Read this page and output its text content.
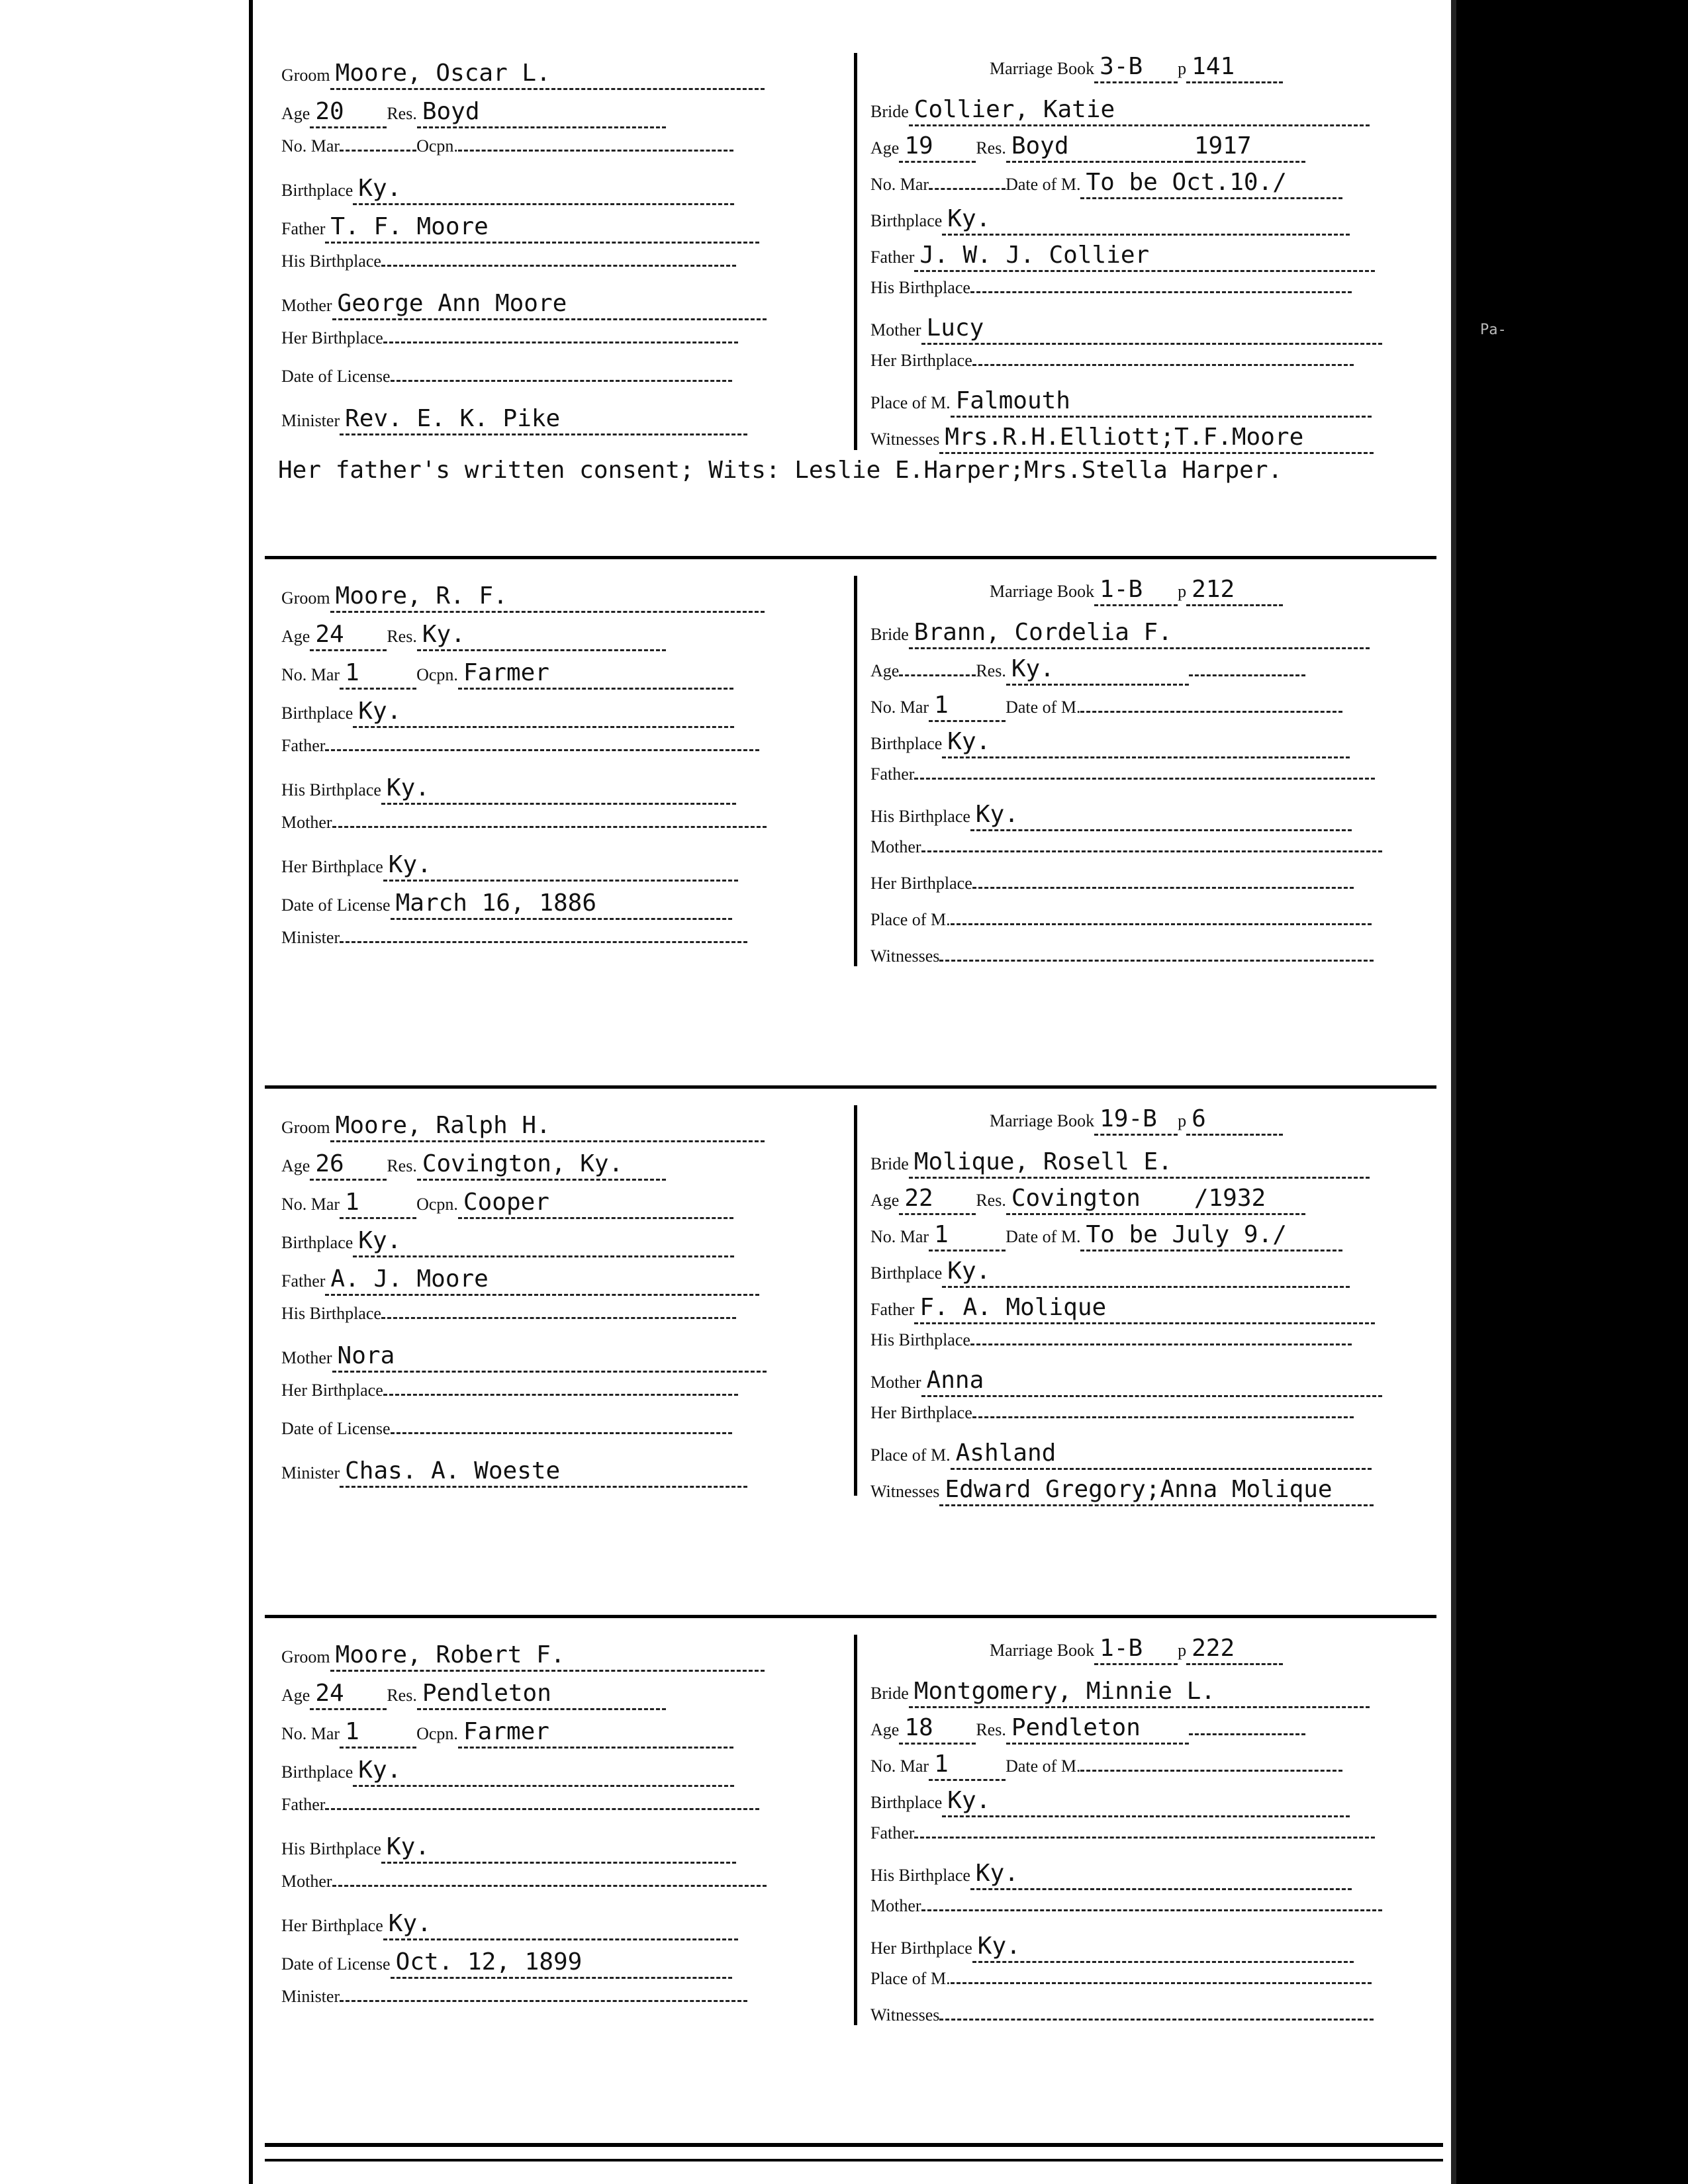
Pa-
Groom Moore, Oscar L.
Age 20 Res. Boyd
No. Mar	Ocpn.
Birthplace Ky.
Father T. F. Moore
His Birthplace
Mother George Ann Moore
Her Birthplace
Date of License
Minister Rev. E. K. Pike
Marriage Book 3-B p 141
Bride Collier, Katie
Age 19 Res. Boyd	1917
No. Mar	Date of M. To be Oct.10./
Birthplace Ky.
Father J. W. J. Collier
His Birthplace
Mother Lucy
Her Birthplace
Place of M. Falmouth
Witnesses Mrs.R.H.Elliott;T.F.Moore
Her father's written consent; Wits: Leslie E.Harper;Mrs.Stella Harper.
Groom Moore, R. F.
Age 24 Res. Ky.
No. Mar 1	Ocpn. Farmer
Birthplace Ky.
Father
His Birthplace Ky.
Mother
Her Birthplace Ky.
Date of License March 16, 1886
Minister
Marriage Book 1-B p 212
Bride Brann, Cordelia F.
Age	Res. Ky.
No. Mar 1	Date of M.
Birthplace Ky.
Father
His Birthplace Ky.
Mother
Her Birthplace
Place of M.
Witnesses
Groom Moore, Ralph H.
Age 26 Res. Covington, Ky.
No. Mar 1	Ocpn. Cooper
Birthplace Ky.
Father A. J. Moore
His Birthplace
Mother Nora
Her Birthplace
Date of License
Minister Chas. A. Woeste
Marriage Book 19-B p 6
Bride Molique, Rosell E.
Age 22 Res. Covington /1932
No. Mar 1	Date of M. To be July 9./
Birthplace Ky.
Father F. A. Molique
His Birthplace
Mother Anna
Her Birthplace
Place of M. Ashland
Witnesses Edward Gregory;Anna Molique
Groom Moore, Robert F.
Age 24 Res. Pendleton
No. Mar 1	Ocpn. Farmer
Birthplace Ky.
Father
His Birthplace Ky.
Mother
Her Birthplace Ky.
Date of License Oct. 12, 1899
Minister
Marriage Book 1-B p 222
Bride Montgomery, Minnie L.
Age 18 Res. Pendleton
No. Mar 1	Date of M.
Birthplace Ky.
Father
His Birthplace Ky.
Mother
Her Birthplace Ky.
Place of M.
Witnesses
